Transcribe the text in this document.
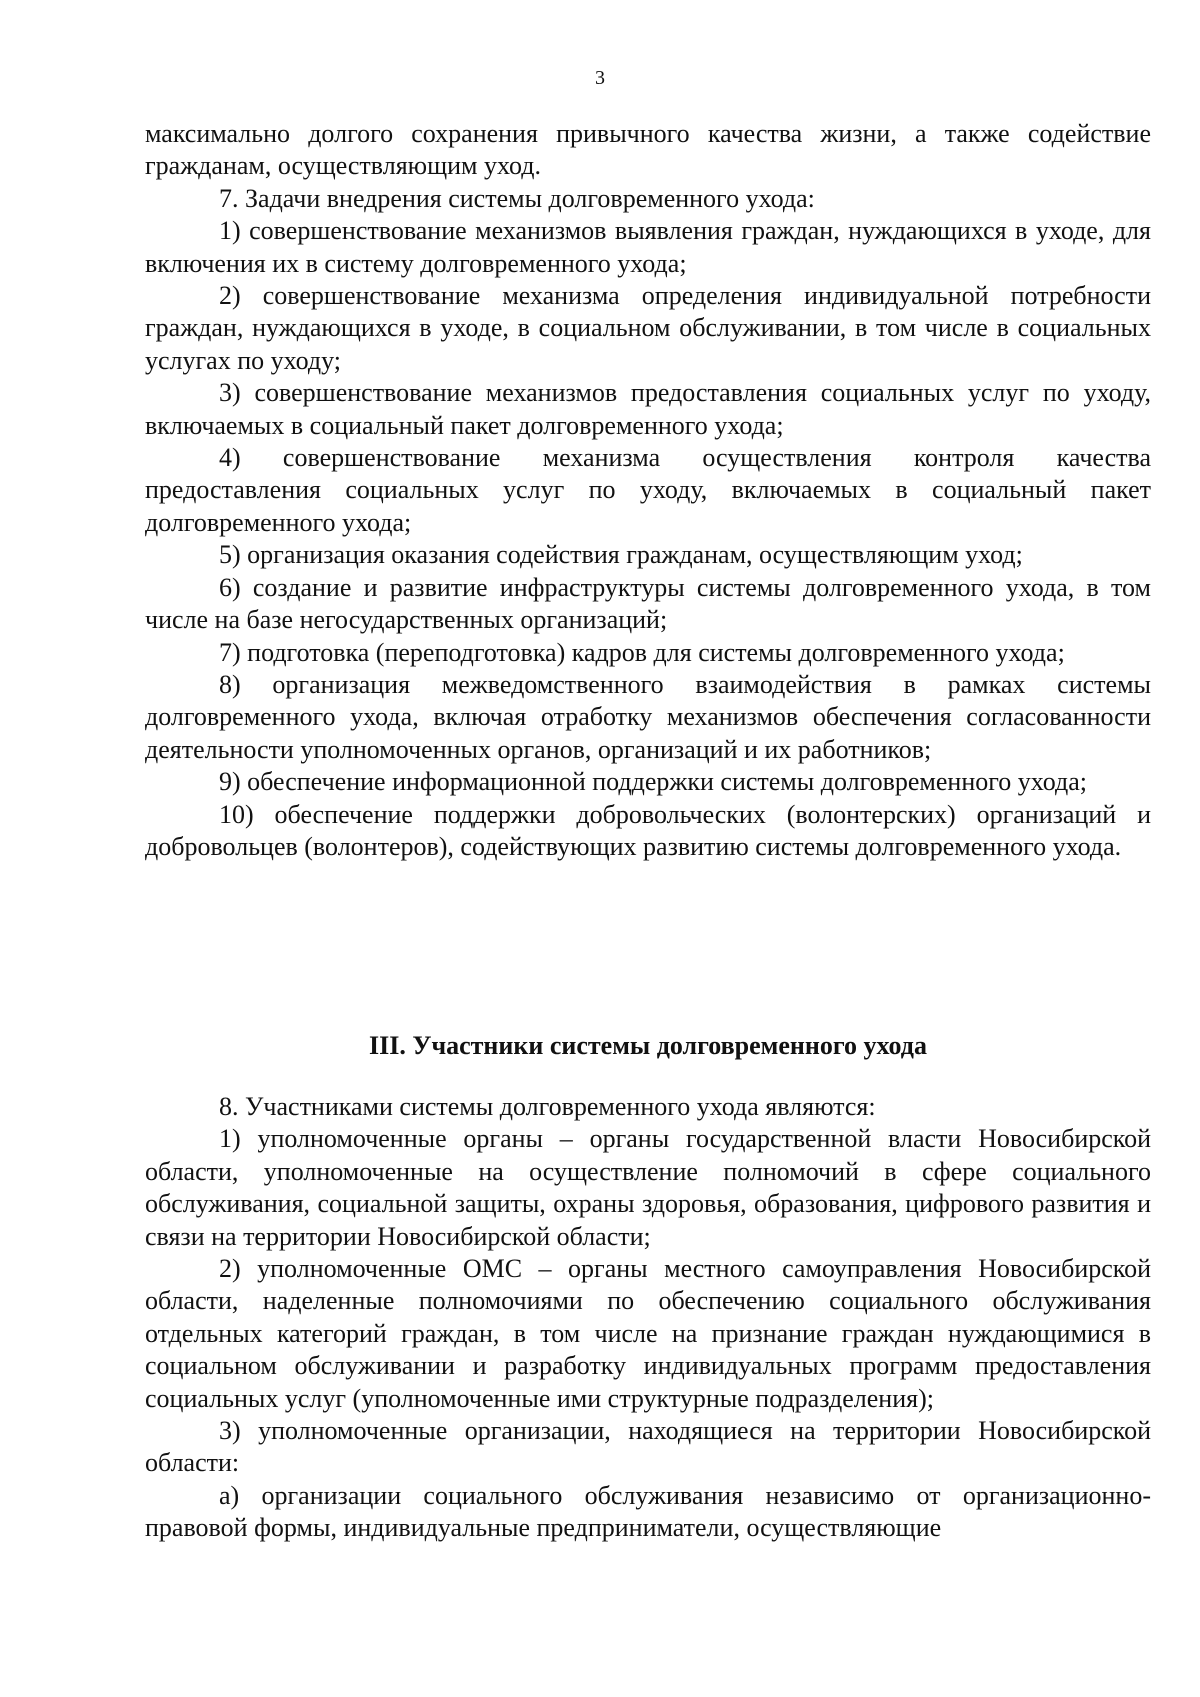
3

максимально долгого сохранения привычного качества жизни, а также содействие гражданам, осуществляющим уход.

7. Задачи внедрения системы долговременного ухода:

1) совершенствование механизмов выявления граждан, нуждающихся в уходе, для включения их в систему долговременного ухода;

2) совершенствование механизма определения индивидуальной потребности граждан, нуждающихся в уходе, в социальном обслуживании, в том числе в социальных услугах по уходу;

3) совершенствование механизмов предоставления социальных услуг по уходу, включаемых в социальный пакет долговременного ухода;

4) совершенствование механизма осуществления контроля качества предоставления социальных услуг по уходу, включаемых в социальный пакет долговременного ухода;

5) организация оказания содействия гражданам, осуществляющим уход;

6) создание и развитие инфраструктуры системы долговременного ухода, в том числе на базе негосударственных организаций;

7) подготовка (переподготовка) кадров для системы долговременного ухода;

8) организация межведомственного взаимодействия в рамках системы долговременного ухода, включая отработку механизмов обеспечения согласованности деятельности уполномоченных органов, организаций и их работников;

9) обеспечение информационной поддержки системы долговременного ухода;

10) обеспечение поддержки добровольческих (волонтерских) организаций и добровольцев (волонтеров), содействующих развитию системы долговременного ухода.

III. Участники системы долговременного ухода

8. Участниками системы долговременного ухода являются:

1) уполномоченные органы – органы государственной власти Новосибирской области, уполномоченные на осуществление полномочий в сфере социального обслуживания, социальной защиты, охраны здоровья, образования, цифрового развития и связи на территории Новосибирской области;

2) уполномоченные ОМС – органы местного самоуправления Новосибирской области, наделенные полномочиями по обеспечению социального обслуживания отдельных категорий граждан, в том числе на признание граждан нуждающимися в социальном обслуживании и разработку индивидуальных программ предоставления социальных услуг (уполномоченные ими структурные подразделения);

3) уполномоченные организации, находящиеся на территории Новосибирской области:

а) организации социального обслуживания независимо от организационно-правовой формы, индивидуальные предприниматели, осуществляющие
